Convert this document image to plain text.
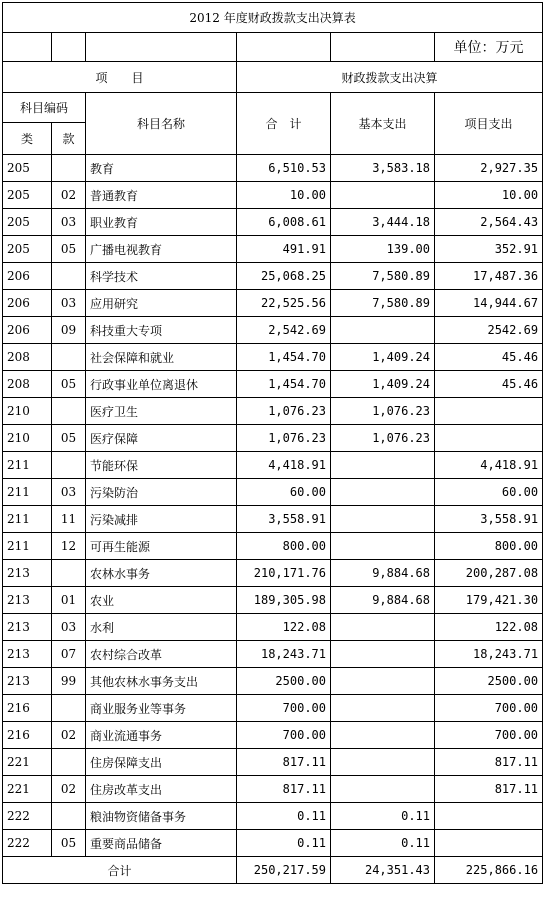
2012 年度财政拨款支出决算表					
					单位：万元
项　　目			财政拨款支出决算		
科目编码		科目名称	合　计	基本支出	项目支出
类	款				
205		教育	6,510.53	3,583.18	2,927.35
205	02	普通教育	10.00		10.00
205	03	职业教育	6,008.61	3,444.18	2,564.43
205	05	广播电视教育	491.91	139.00	352.91
206		科学技术	25,068.25	7,580.89	17,487.36
206	03	应用研究	22,525.56	7,580.89	14,944.67
206	09	科技重大专项	2,542.69		2542.69
208		社会保障和就业	1,454.70	1,409.24	45.46
208	05	行政事业单位离退休	1,454.70	1,409.24	45.46
210		医疗卫生	1,076.23	1,076.23	
210	05	医疗保障	1,076.23	1,076.23	
211		节能环保	4,418.91		4,418.91
211	03	污染防治	60.00		60.00
211	11	污染减排	3,558.91		3,558.91
211	12	可再生能源	800.00		800.00
213		农林水事务	210,171.76	9,884.68	200,287.08
213	01	农业	189,305.98	9,884.68	179,421.30
213	03	水利	122.08		122.08
213	07	农村综合改革	18,243.71		18,243.71
213	99	其他农林水事务支出	2500.00		2500.00
216		商业服务业等事务	700.00		700.00
216	02	商业流通事务	700.00		700.00
221		住房保障支出	817.11		817.11
221	02	住房改革支出	817.11		817.11
222		粮油物资储备事务	0.11	0.11	
222	05	重要商品储备	0.11	0.11	
合计			250,217.59	24,351.43	225,866.16
